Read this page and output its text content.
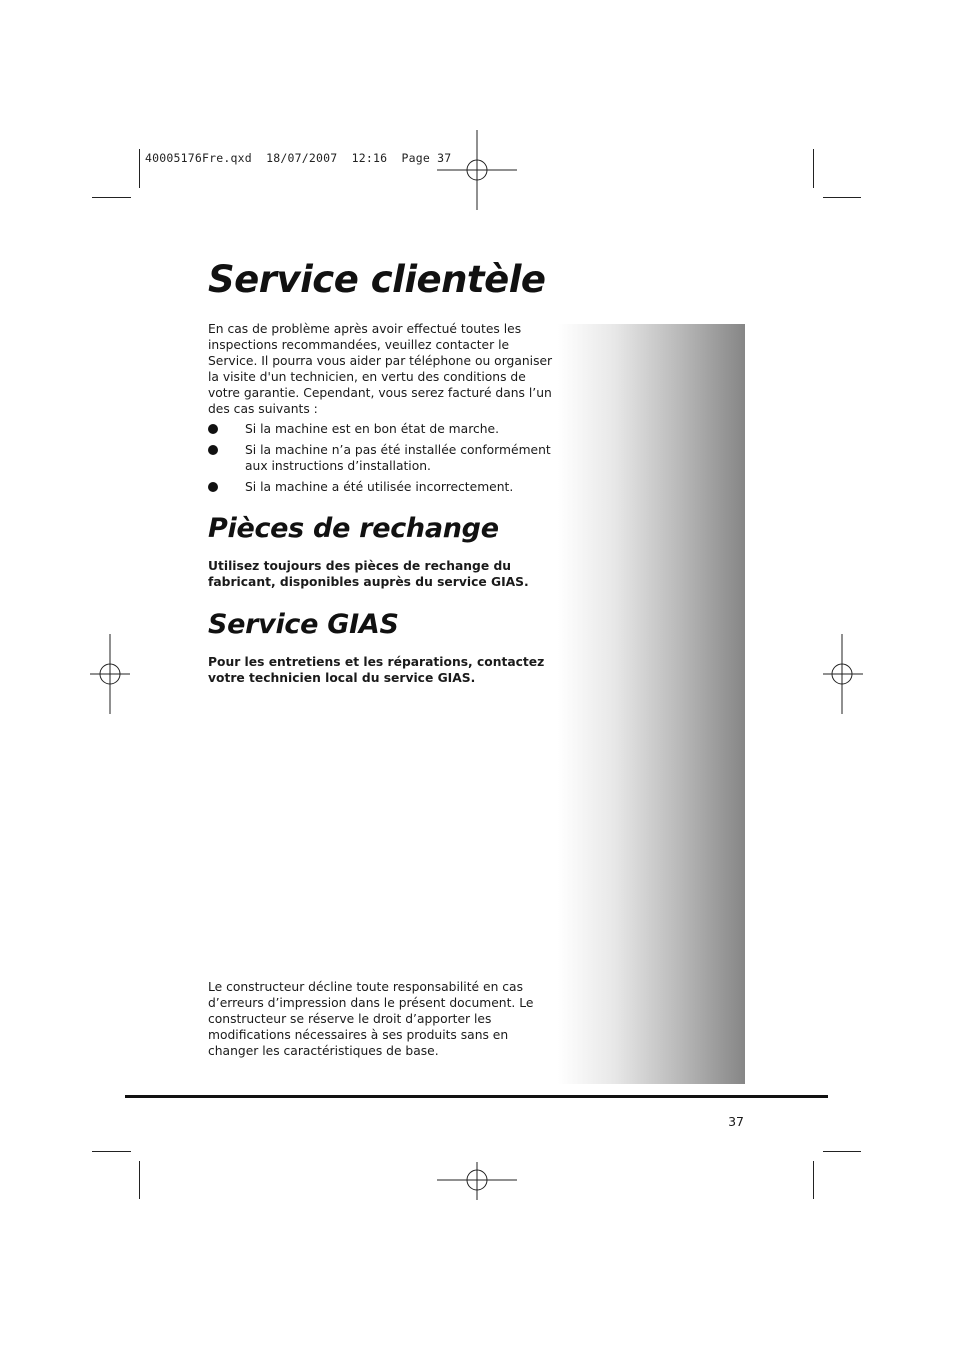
40005176Fre.qxd  18/07/2007  12:16  Page 37
Service clientèle

En cas de problème après avoir effectué toutes les inspections recommandées, veuillez contacter le Service. Il pourra vous aider par téléphone ou organiser la visite d'un technicien, en vertu des conditions de votre garantie. Cependant, vous serez facturé dans l’un des cas suivants :

Si la machine est en bon état de marche.
Si la machine n’a pas été installée conformément aux instructions d’installation.
Si la machine a été utilisée incorrectement.
Pièces de rechange

Utilisez toujours des pièces de rechange du fabricant, disponibles auprès du service GIAS.

Service GIAS

Pour les entretiens et les réparations, contactez votre technicien local du service GIAS.

Le constructeur décline toute responsabilité en cas d’erreurs d’impression dans le présent document. Le constructeur se réserve le droit d’apporter les modifications nécessaires à ses produits sans en changer les caractéristiques de base.

37
